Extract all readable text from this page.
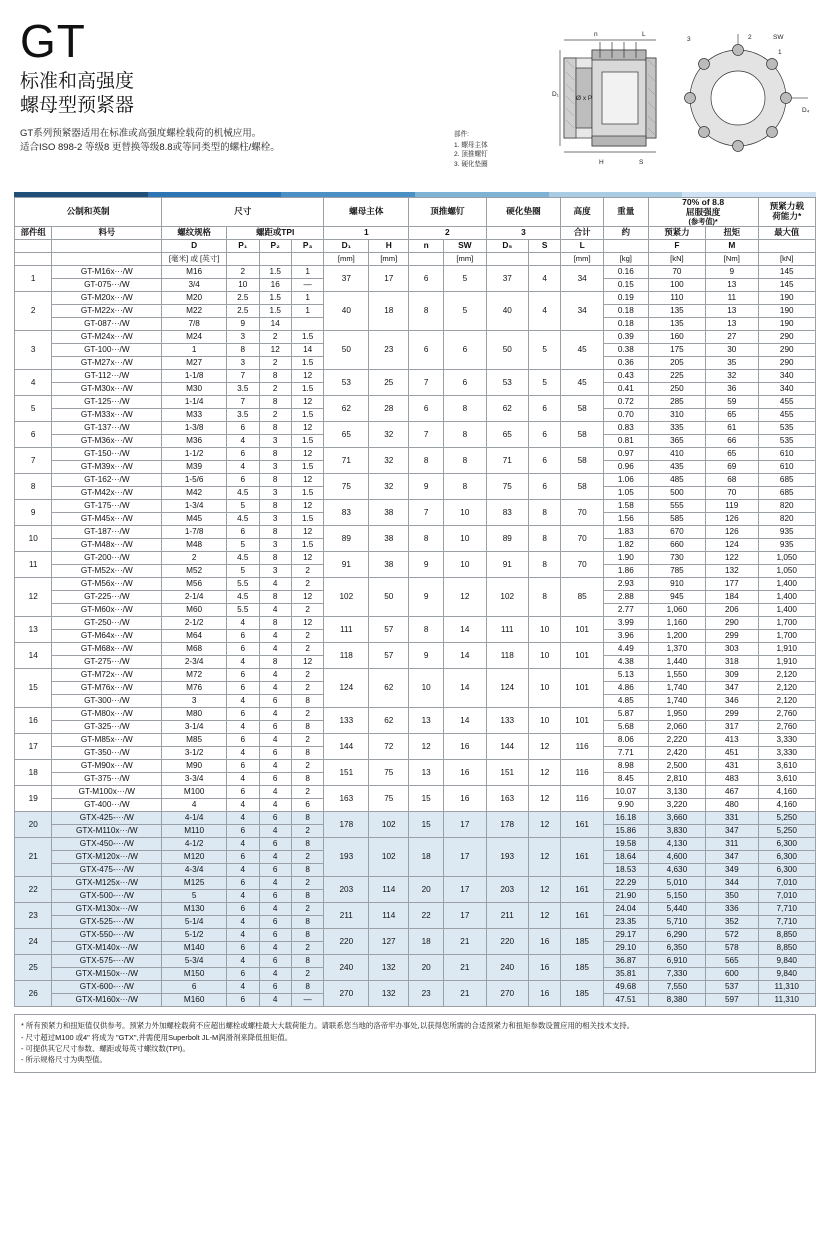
GT
标准和高强度
螺母型预紧器
GT系列预紧器适用在标准或高强度螺栓载荷的机械应用。
适合ISO 898-2 等级8 更替换等级8.8或等同类型的螺柱/螺栓。
部件:
1. 螺母主体
2. 顶推螺钉
3. 硬化垫圈
n	L
3	2	SW
1
D₁
Ø x P
D₄
H	S
公制和英制	尺寸	螺母主体	顶推螺钉	硬化垫圈	高度	重量	
70% of 8.8
屈服强度
(参考值)*

预紧力载
荷能力*

部件组	料号	螺纹规格	螺距或TPI			1		2		3		合计	约	预紧力	扭矩	最大值
		D	P₁	P₂	P₃	D₁	H	n	SW	D₅	S	L		F	M	
		[毫米] 或 [英寸]				[mm]	[mm]		[mm]			[mm]	[kg]	[kN]	[Nm]	[kN]
1	GT-M16x···/W	M16	2	1.5	1	37	17	6	5	37	4	34	0.16	70	9	145
	GT-075···/W	3/4	10	16	—								0.15	100	13	145
2	GT-M20x···/W	M20	2.5	1.5	1	40	18	8	5	40	4	34	0.19	110	11	190
	GT-M22x···/W	M22	2.5	1.5	1								0.18	135	13	190
	GT-087···/W	7/8	9	14									0.18	135	13	190
3	GT-M24x···/W	M24	3	2	1.5	50	23	6	6	50	5	45	0.39	160	27	290
	GT-100···/W	1	8	12	14								0.38	175	30	290
	GT-M27x···/W	M27	3	2	1.5								0.36	205	35	290
4	GT-112···/W	1-1/8	7	8	12	53	25	7	6	53	5	45	0.43	225	32	340
	GT-M30x···/W	M30	3.5	2	1.5								0.41	250	36	340
5	GT-125···/W	1-1/4	7	8	12	62	28	6	8	62	6	58	0.72	285	59	455
	GT-M33x···/W	M33	3.5	2	1.5								0.70	310	65	455
6	GT-137···/W	1-3/8	6	8	12	65	32	7	8	65	6	58	0.83	335	61	535
	GT-M36x···/W	M36	4	3	1.5								0.81	365	66	535
7	GT-150···/W	1-1/2	6	8	12	71	32	8	8	71	6	58	0.97	410	65	610
	GT-M39x···/W	M39	4	3	1.5								0.96	435	69	610
8	GT-162···/W	1-5/6	6	8	12	75	32	9	8	75	6	58	1.06	485	68	685
	GT-M42x···/W	M42	4.5	3	1.5								1.05	500	70	685
9	GT-175···/W	1-3/4	5	8	12	83	38	7	10	83	8	70	1.58	555	119	820
	GT-M45x···/W	M45	4.5	3	1.5								1.56	585	126	820
10	GT-187···/W	1-7/8	6	8	12	89	38	8	10	89	8	70	1.83	670	126	935
	GT-M48x···/W	M48	5	3	1.5								1.82	660	124	935
11	GT-200···/W	2	4.5	8	12	91	38	9	10	91	8	70	1.90	730	122	1,050
	GT-M52x···/W	M52	5	3	2								1.86	785	132	1,050
12	GT-M56x···/W	M56	5.5	4	2	102	50	9	12	102	8	85	2.93	910	177	1,400
	GT-225···/W	2-1/4	4.5	8	12								2.88	945	184	1,400
	GT-M60x···/W	M60	5.5	4	2								2.77	1,060	206	1,400
13	GT-250···/W	2-1/2	4	8	12	111	57	8	14	111	10	101	3.99	1,160	290	1,700
	GT-M64x···/W	M64	6	4	2								3.96	1,200	299	1,700
14	GT-M68x···/W	M68	6	4	2	118	57	9	14	118	10	101	4.49	1,370	303	1,910
	GT-275···/W	2-3/4	4	8	12								4.38	1,440	318	1,910
15	GT-M72x···/W	M72	6	4	2	124	62	10	14	124	10	101	5.13	1,550	309	2,120
	GT-M76x···/W	M76	6	4	2								4.86	1,740	347	2,120
	GT-300···/W	3	4	6	8								4.85	1,740	346	2,120
16	GT-M80x···/W	M80	6	4	2	133	62	13	14	133	10	101	5.87	1,950	299	2,760
	GT-325···/W	3-1/4	4	6	8								5.68	2,060	317	2,760
17	GT-M85x···/W	M85	6	4	2	144	72	12	16	144	12	116	8.06	2,220	413	3,330
	GT-350···/W	3-1/2	4	6	8								7.71	2,420	451	3,330
18	GT-M90x···/W	M90	6	4	2	151	75	13	16	151	12	116	8.98	2,500	431	3,610
	GT-375···/W	3-3/4	4	6	8								8.45	2,810	483	3,610
19	GT-M100x···/W	M100	6	4	2	163	75	15	16	163	12	116	10.07	3,130	467	4,160
	GT-400···/W	4	4	4	6								9.90	3,220	480	4,160
20	GTX-425-···/W	4-1/4	4	6	8	178	102	15	17	178	12	161	16.18	3,660	331	5,250
	GTX-M110x···/W	M110	6	4	2								15.86	3,830	347	5,250
21	GTX-450-···/W	4-1/2	4	6	8	193	102	18	17	193	12	161	19.58	4,130	311	6,300
	GTX-M120x···/W	M120	6	4	2								18.64	4,600	347	6,300
	GTX-475-···/W	4-3/4	4	6	8								18.53	4,630	349	6,300
22	GTX-M125x···/W	M125	6	4	2	203	114	20	17	203	12	161	22.29	5,010	344	7,010
	GTX-500-···/W	5	4	6	8								21.90	5,150	350	7,010
23	GTX-M130x···/W	M130	6	4	2	211	114	22	17	211	12	161	24.04	5,440	336	7,710
	GTX-525-···/W	5-1/4	4	6	8								23.35	5,710	352	7,710
24	GTX-550-···/W	5-1/2	4	6	8	220	127	18	21	220	16	185	29.17	6,290	572	8,850
	GTX-M140x···/W	M140	6	4	2								29.10	6,350	578	8,850
25	GTX-575-···/W	5-3/4	4	6	8	240	132	20	21	240	16	185	36.87	6,910	565	9,840
	GTX-M150x···/W	M150	6	4	2								35.81	7,330	600	9,840
26	GTX-600-···/W	6	4	6	8	270	132	23	21	270	16	185	49.68	7,550	537	11,310
	GTX-M160x···/W	M160	6	4	—								47.51	8,380	597	11,310
* 所有预紧力和扭矩值仅供参考。预紧力外加螺栓载荷不应超出螺栓或螺柱最大大载荷能力。请联系您当地的洛帝牢办事处,以获得您所需的合适预紧力和扭矩参数设置应用的相关技术支持。
- 尺寸超过M100 或4" 将成为 "GTX",并需使用Superbolt JL-M润滑剂来降低扭矩值。
- 可提供其它尺寸参数、螺距或每英寸螺纹数(TPI)。
- 所示规格尺寸为典型值。
